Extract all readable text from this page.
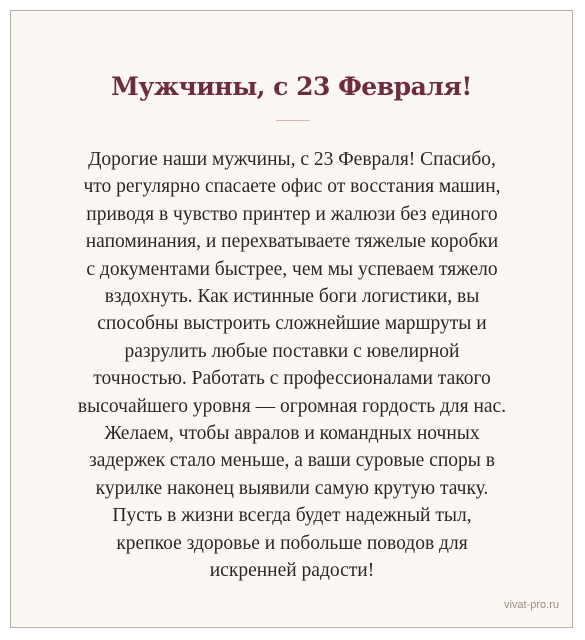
Мужчины, с 23 Февраля!

Дорогие наши мужчины, с 23 Февраля! Спасибо,
что регулярно спасаете офис от восстания машин,
приводя в чувство принтер и жалюзи без единого
напоминания, и перехватываете тяжелые коробки
с документами быстрее, чем мы успеваем тяжело
вздохнуть. Как истинные боги логистики, вы
способны выстроить сложнейшие маршруты и
разрулить любые поставки с ювелирной
точностью. Работать с профессионалами такого
высочайшего уровня — огромная гордость для нас.
Желаем, чтобы авралов и командных ночных
задержек стало меньше, а ваши суровые споры в
курилке наконец выявили самую крутую тачку.
Пусть в жизни всегда будет надежный тыл,
крепкое здоровье и побольше поводов для
искренней радости!

vivat-pro.ru
